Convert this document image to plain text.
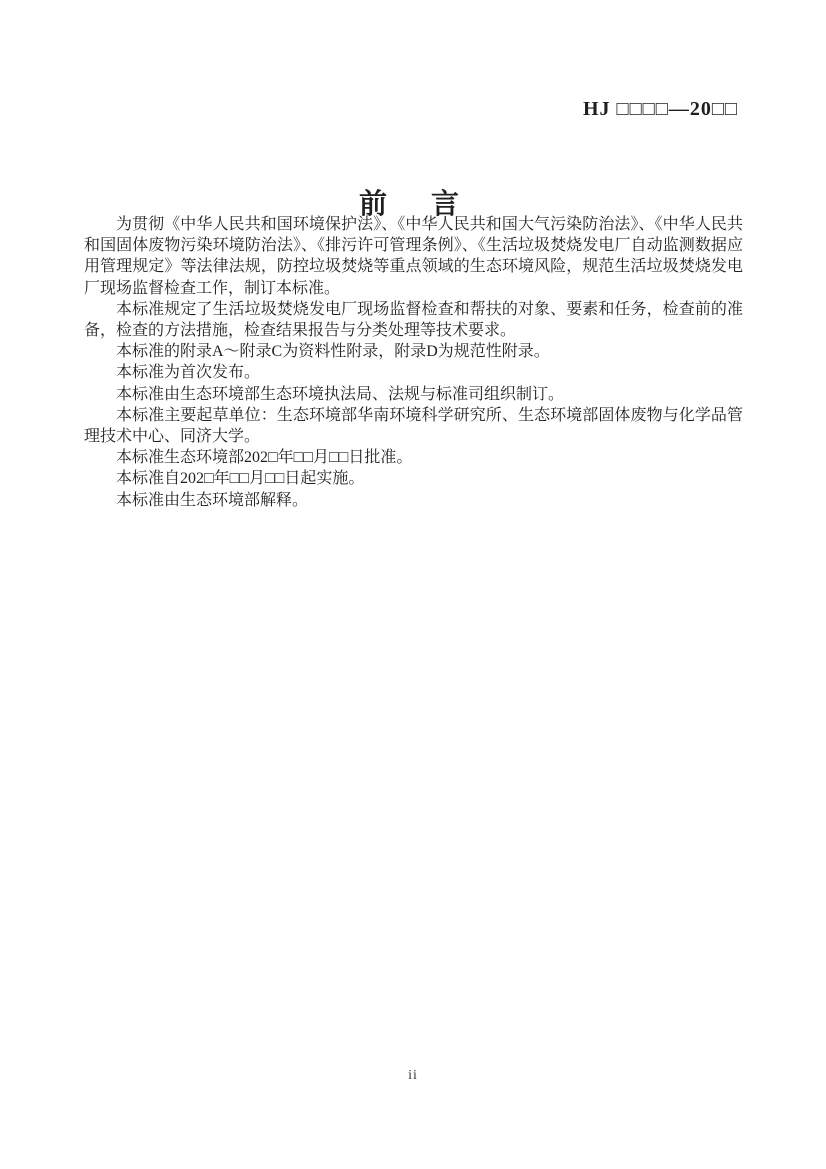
HJ □□□□—20□□
前　言

为贯彻《中华人民共和国环境保护法》、《中华人民共和国大气污染防治法》、《中华人民共和国固体废物污染环境防治法》、《排污许可管理条例》、《生活垃圾焚烧发电厂自动监测数据应用管理规定》等法律法规，防控垃圾焚烧等重点领域的生态环境风险，规范生活垃圾焚烧发电厂现场监督检查工作，制订本标准。

本标准规定了生活垃圾焚烧发电厂现场监督检查和帮扶的对象、要素和任务，检查前的准备，检查的方法措施，检查结果报告与分类处理等技术要求。

本标准的附录A～附录C为资料性附录，附录D为规范性附录。

本标准为首次发布。

本标准由生态环境部生态环境执法局、法规与标准司组织制订。

本标准主要起草单位：生态环境部华南环境科学研究所、生态环境部固体废物与化学品管理技术中心、同济大学。

本标准生态环境部202□年□□月□□日批准。

本标准自202□年□□月□□日起实施。

本标准由生态环境部解释。

ii
